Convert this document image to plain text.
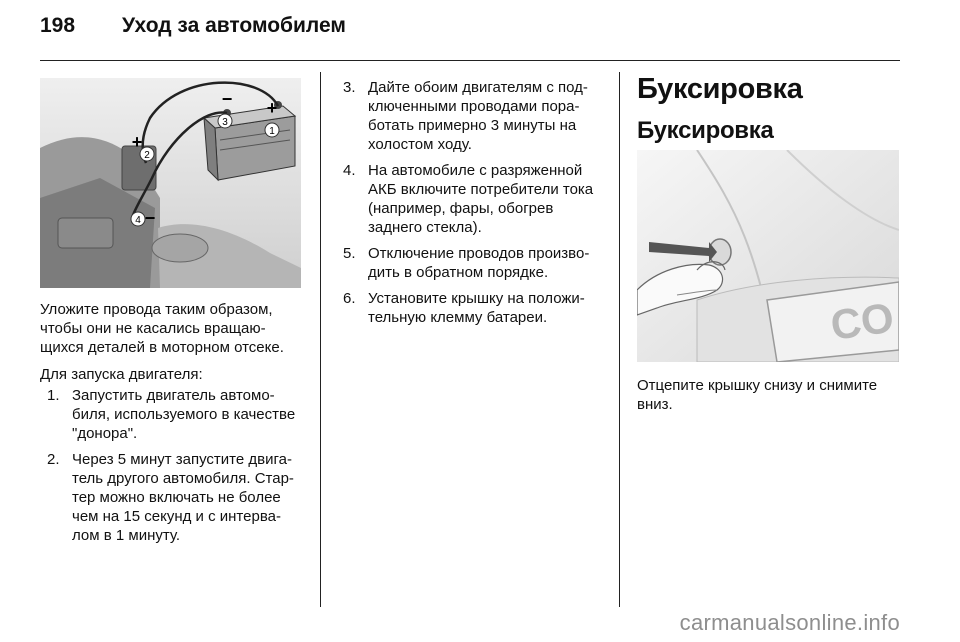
198	Уход за автомобилем
1
2
3
4
+
−
+
−

Уложите провода таким образом, чтобы они не касались вращаю-щихся деталей в моторном отсеке.

Для запуска двигателя:

1. Запустить двигатель автомо-биля, используемого в качестве "донора".
2. Через 5 минут запустите двига-тель другого автомобиля. Стар-тер можно включать не более чем на 15 секунд и с интерва-лом в 1 минуту.
3. Дайте обоим двигателям с под-ключенными проводами пора-ботать примерно 3 минуты на холостом ходу.
4. На автомобиле с разряженной АКБ включите потребители тока (например, фары, обогрев заднего стекла).
5. Отключение проводов произво-дить в обратном порядке.
6. Установите крышку на положи-тельную клемму батареи.
Буксировка
Буксировка
CO

Отцепите крышку снизу и снимите вниз.

carmanualsonline.info
